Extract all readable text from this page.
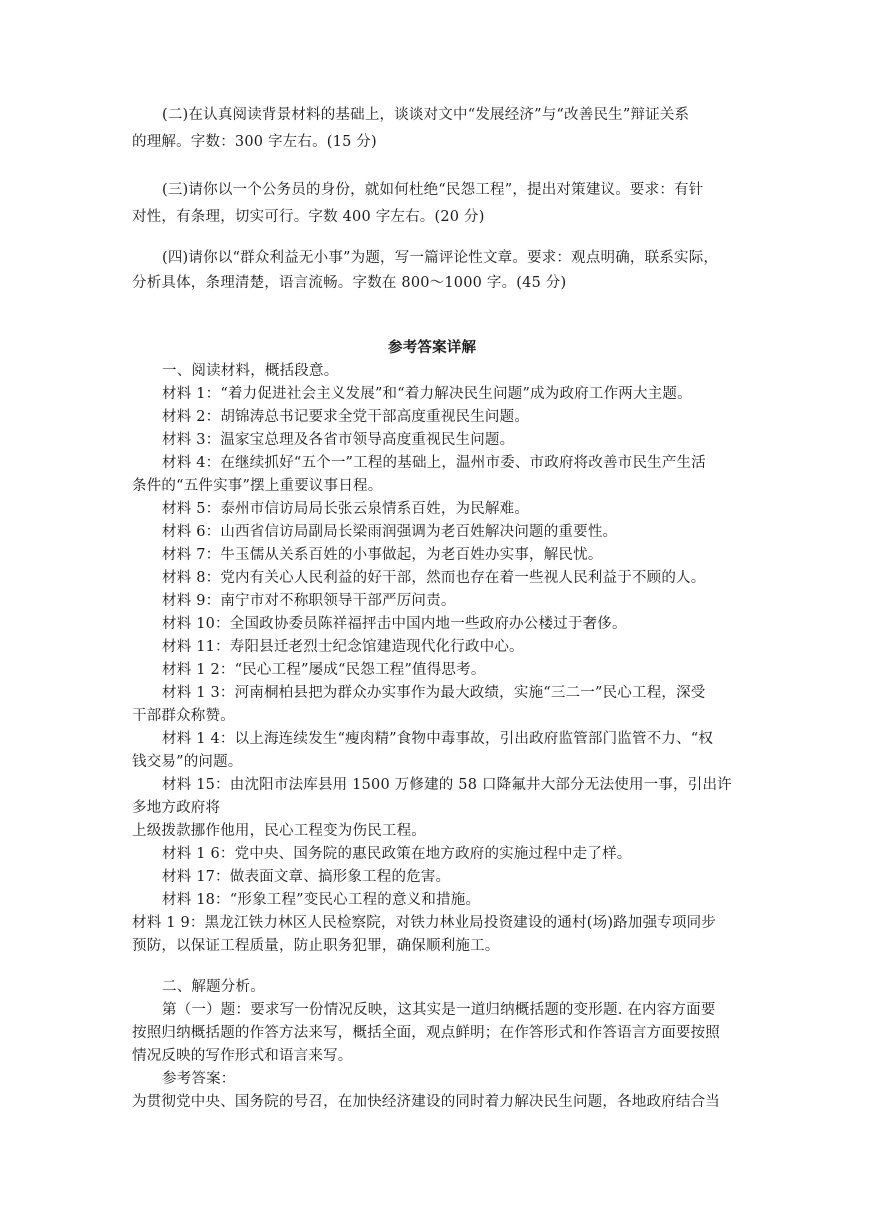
(二)在认真阅读背景材料的基础上，谈谈对文中“发展经济”与“改善民生”辩证关系
的理解。字数：300 字左右。(15 分)
(三)请你以一个公务员的身份，就如何杜绝“民怨工程”，提出对策建议。要求：有针
对性，有条理，切实可行。字数 400 字左右。(20 分)
(四)请你以“群众利益无小事”为题，写一篇评论性文章。要求：观点明确，联系实际，
分析具体，条理清楚，语言流畅。字数在 800～1000 字。(45 分)
参考答案详解
一、阅读材料，概括段意。
材料 1：“着力促进社会主义发展”和“着力解决民生问题”成为政府工作两大主题。
材料 2：胡锦涛总书记要求全党干部高度重视民生问题。
材料 3：温家宝总理及各省市领导高度重视民生问题。
材料 4：在继续抓好“五个一”工程的基础上，温州市委、市政府将改善市民生产生活
条件的“五件实事”摆上重要议事日程。
材料 5：泰州市信访局局长张云泉情系百姓，为民解难。
材料 6：山西省信访局副局长梁雨润强调为老百姓解决问题的重要性。
材料 7：牛玉儒从关系百姓的小事做起，为老百姓办实事，解民忧。
材料 8：党内有关心人民利益的好干部，然而也存在着一些视人民利益于不顾的人。
材料 9：南宁市对不称职领导干部严厉问责。
材料 10：全国政协委员陈祥福抨击中国内地一些政府办公楼过于奢侈。
材料 11：寿阳县迁老烈士纪念馆建造现代化行政中心。
材料 1 2：“民心工程”屡成“民怨工程”值得思考。
材料 1 3：河南桐柏县把为群众办实事作为最大政绩，实施“三二一”民心工程，深受
干部群众称赞。
材料 1 4：以上海连续发生“瘦肉精”食物中毒事故，引出政府监管部门监管不力、“权
钱交易”的问题。
材料 15：由沈阳市法库县用 1500 万修建的 58 口降氟井大部分无法使用一事，引出许
多地方政府将
上级拨款挪作他用，民心工程变为伤民工程。
材料 1 6：党中央、国务院的惠民政策在地方政府的实施过程中走了样。
材料 17：做表面文章、搞形象工程的危害。
材料 18：“形象工程”变民心工程的意义和措施。
材料 1 9：黑龙江铁力林区人民检察院，对铁力林业局投资建设的通村(场)路加强专项同步
预防，以保证工程质量，防止职务犯罪，确保顺利施工。
二、解题分析。
第（一）题：要求写一份情况反映，这其实是一道归纳概括题的变形题. 在内容方面要
按照归纳概括题的作答方法来写，概括全面，观点鲜明；在作答形式和作答语言方面要按照
情况反映的写作形式和语言来写。
参考答案：
为贯彻党中央、国务院的号召，在加快经济建设的同时着力解决民生问题，各地政府结合当
